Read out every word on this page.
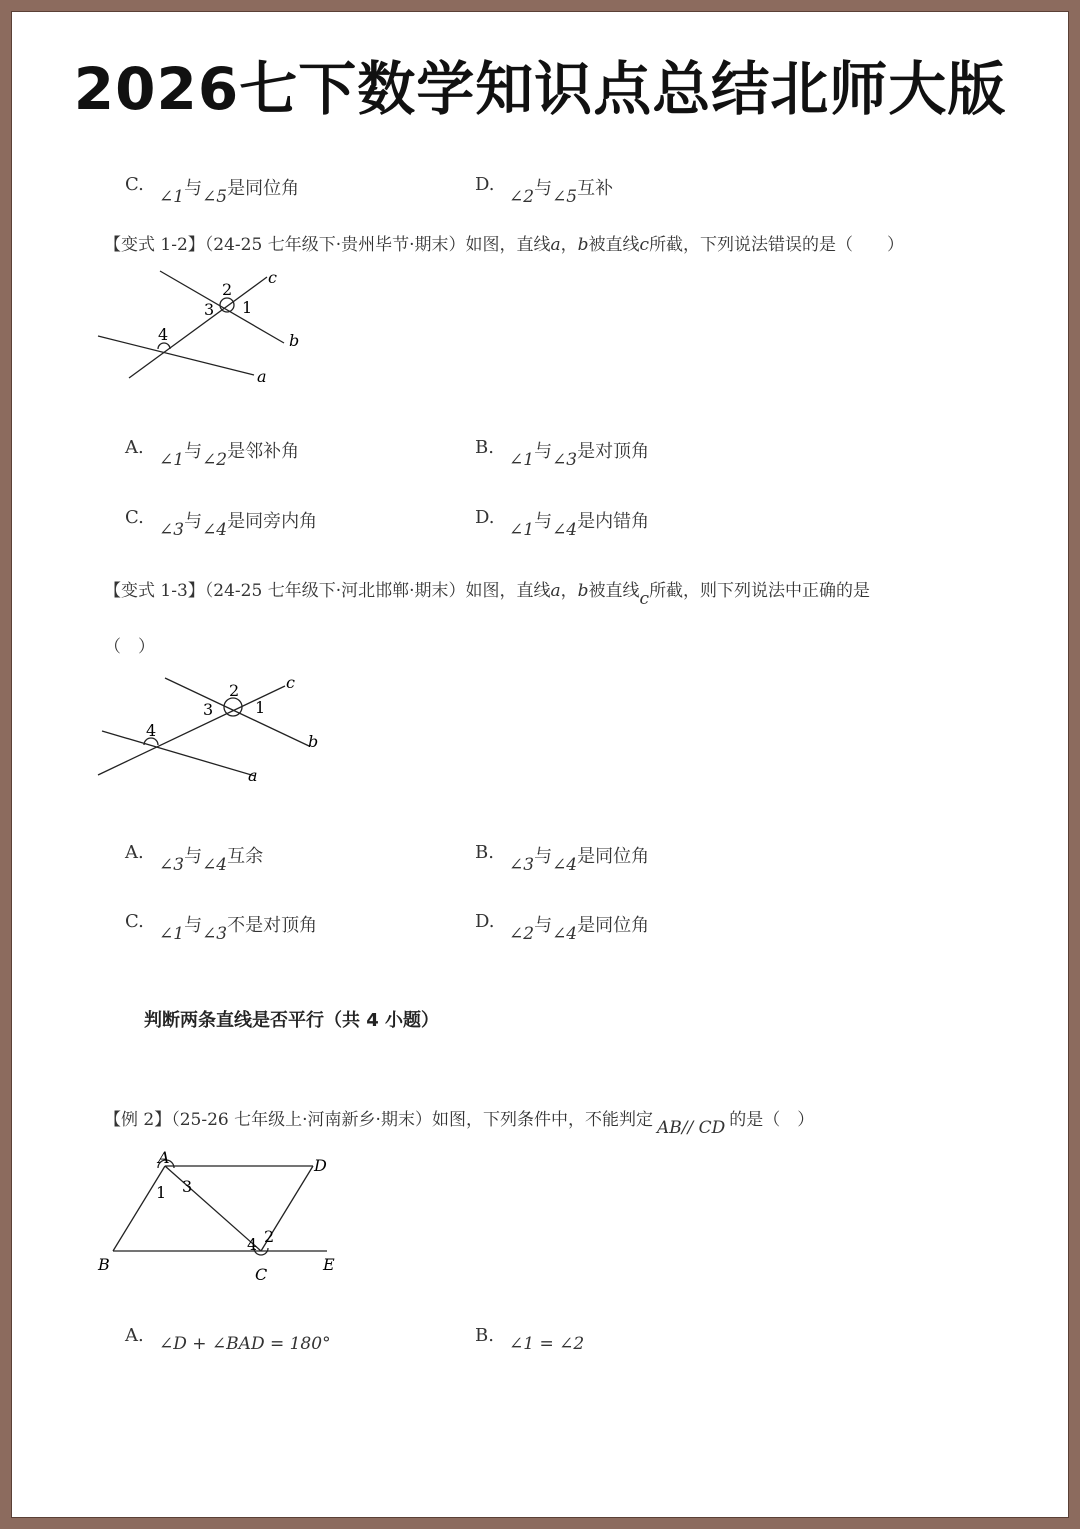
2026七下数学知识点总结北师大版
C.∠1与∠5是同位角	D.∠2与∠5互补
【变式 1-2】（24-25 七年级下·贵州毕节·期末）如图，直线a，b被直线c所截，下列说法错误的是（　　）
2
3 1
4
c
b
a
A.∠1与∠2是邻补角	B.∠1与∠3是对顶角
C.∠3与∠4是同旁内角	D.∠1与∠4是内错角
【变式 1-3】（24-25 七年级下·河北邯郸·期末）如图，直线a，b被直线c所截，则下列说法中正确的是
（　）
2
3	1
4
c
b
a
A.∠3与∠4互余	B.∠3与∠4是同位角
C.∠1与∠3不是对顶角	D.∠2与∠4是同位角
判断两条直线是否平行（共 4 小题）
【例 2】（25-26 七年级上·河南新乡·期末）如图，下列条件中，不能判定 AB// CD 的是（　）
A	D
B
C
E
1 3
4 2
A. ∠D + ∠BAD = 180°	B. ∠1 = ∠2
